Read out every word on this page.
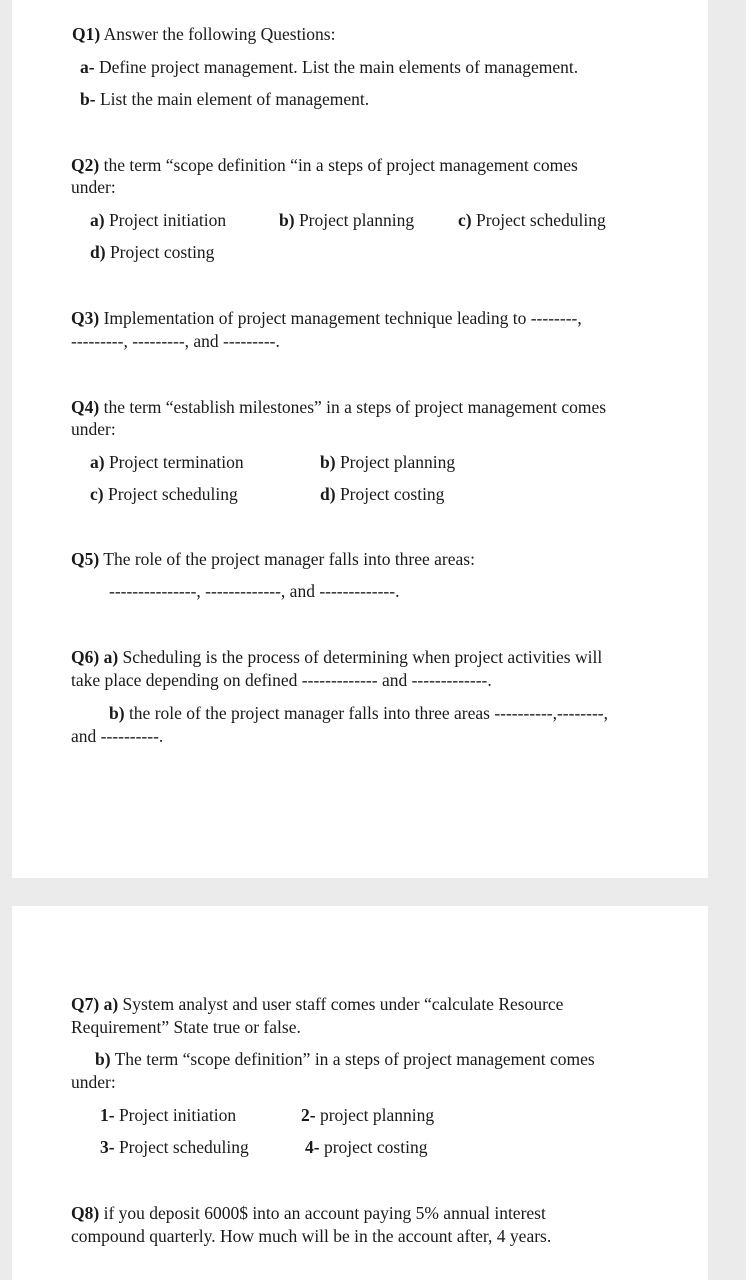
Q1) Answer the following Questions:
a- Define project management. List the main elements of management.
b- List the main element of management.
Q2) the term “scope definition “in a steps of project management comes
under:
a) Project initiation	b) Project planning	c) Project scheduling
d) Project costing
Q3) Implementation of project management technique leading to --------,
---------, ---------, and ---------.
Q4) the term “establish milestones” in a steps of project management comes
under:
a) Project termination	b) Project planning
c) Project scheduling	d) Project costing
Q5) The role of the project manager falls into three areas:
---------------, -------------, and -------------.
Q6) a) Scheduling is the process of determining when project activities will
take place depending on defined ------------- and -------------.
b) the role of the project manager falls into three areas ----------,--------,
and ----------.
Q7) a) System analyst and user staff comes under “calculate Resource
Requirement” State true or false.
b) The term “scope definition” in a steps of project management comes
under:
1- Project initiation	2- project planning
3- Project scheduling	4- project costing
Q8) if you deposit 6000$ into an account paying 5% annual interest
compound quarterly. How much will be in the account after, 4 years.
